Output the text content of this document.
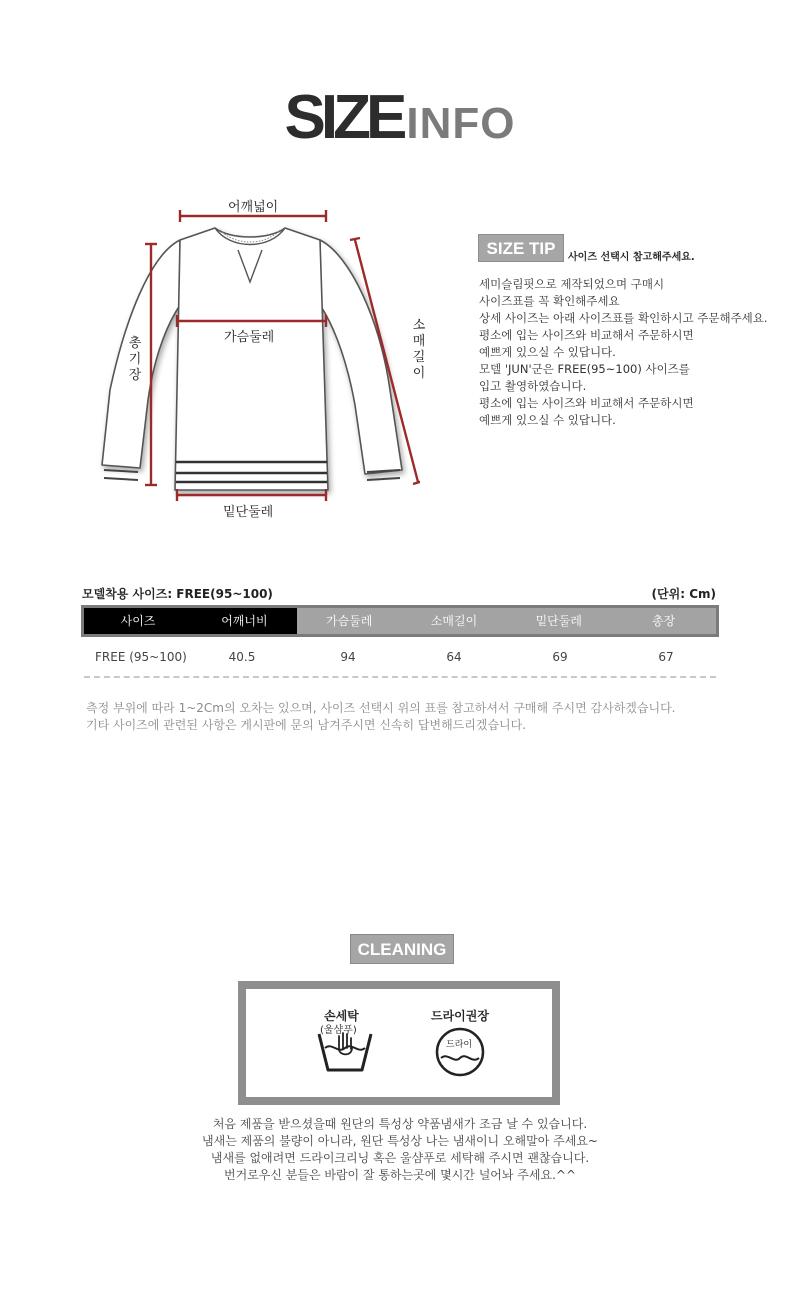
SIZEINFO
어깨넓이
가슴둘레
밑단둘레
총기장
소매길이
SIZE TIP	사이즈 선택시 참고해주세요.
세미슬림핏으로 제작되었으며 구매시
사이즈표를 꼭 확인해주세요
상세 사이즈는 아래 사이즈표를 확인하시고 주문해주세요.
평소에 입는 사이즈와 비교해서 주문하시면
예쁘게 있으실 수 있답니다.
모델 'JUN'군은 FREE(95~100) 사이즈를
입고 촬영하였습니다.
평소에 입는 사이즈와 비교해서 주문하시면
예쁘게 있으실 수 있답니다.
모델착용 사이즈: FREE(95~100)	(단위: Cm)
사이즈	어깨너비	가슴둘레	소매길이	밑단둘레	총장
FREE (95~100)	40.5	94	64	69	67
측정 부위에 따라 1~2Cm의 오차는 있으며, 사이즈 선택시 위의 표를 참고하셔서 구매해 주시면 감사하겠습니다.
기타 사이즈에 관련된 사항은 게시판에 문의 남겨주시면 신속히 답변해드리겠습니다.
CLEANING
손세탁
(울샴푸)
드라이권장
드라이
처음 제품을 받으셨을때 원단의 특성상 약품냄새가 조금 날 수 있습니다.
냄새는 제품의 불량이 아니라, 원단 특성상 나는 냄새이니 오해말아 주세요~
냄새를 없애려면 드라이크리닝 혹은 울샴푸로 세탁해 주시면 괜찮습니다.
번거로우신 분들은 바람이 잘 통하는곳에 몇시간 널어놔 주세요.^^
